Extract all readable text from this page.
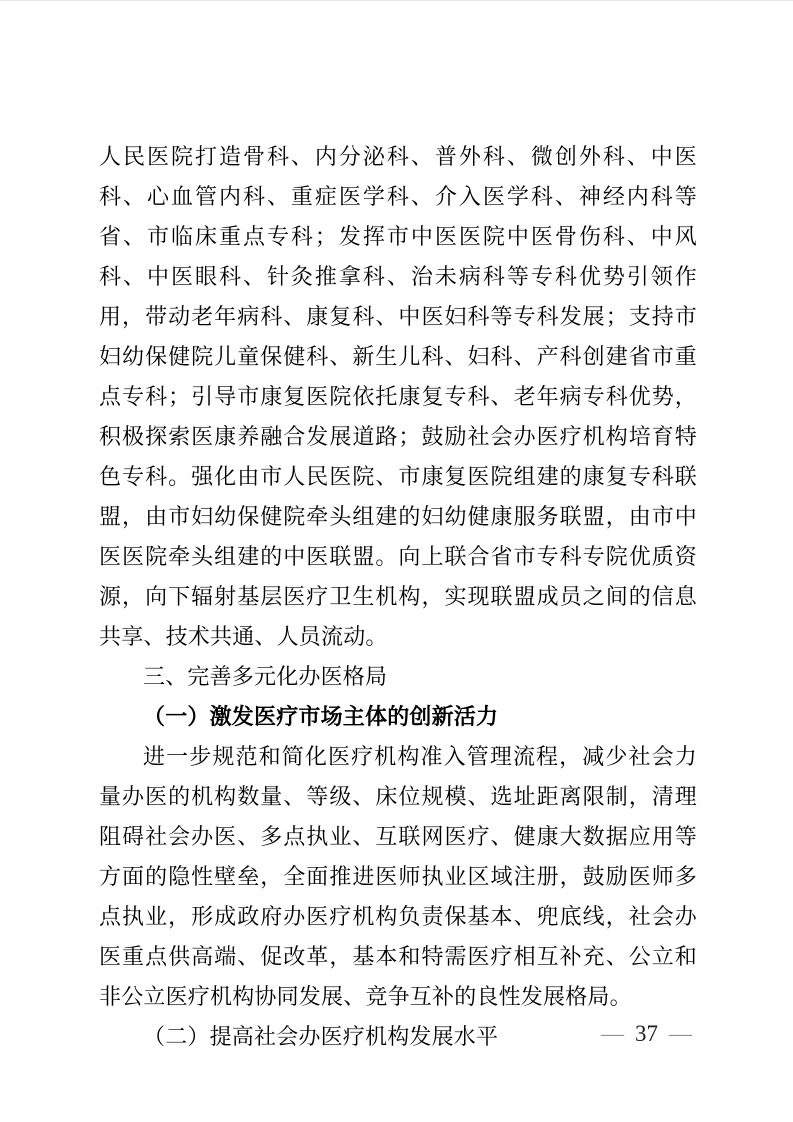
人民医院打造骨科、内分泌科、普外科、微创外科、中医科、心血管内科、重症医学科、介入医学科、神经内科等省、市临床重点专科；发挥市中医医院中医骨伤科、中风科、中医眼科、针灸推拿科、治未病科等专科优势引领作用，带动老年病科、康复科、中医妇科等专科发展；支持市妇幼保健院儿童保健科、新生儿科、妇科、产科创建省市重点专科；引导市康复医院依托康复专科、老年病专科优势，积极探索医康养融合发展道路；鼓励社会办医疗机构培育特色专科。强化由市人民医院、市康复医院组建的康复专科联盟，由市妇幼保健院牵头组建的妇幼健康服务联盟，由市中医医院牵头组建的中医联盟。向上联合省市专科专院优质资源，向下辐射基层医疗卫生机构，实现联盟成员之间的信息共享、技术共通、人员流动。

三、完善多元化办医格局

（一）激发医疗市场主体的创新活力

进一步规范和简化医疗机构准入管理流程，减少社会力量办医的机构数量、等级、床位规模、选址距离限制，清理阻碍社会办医、多点执业、互联网医疗、健康大数据应用等方面的隐性壁垒，全面推进医师执业区域注册，鼓励医师多点执业，形成政府办医疗机构负责保基本、兜底线，社会办医重点供高端、促改革，基本和特需医疗相互补充、公立和非公立医疗机构协同发展、竞争互补的良性发展格局。

（二）提高社会办医疗机构发展水平	— 37 —
